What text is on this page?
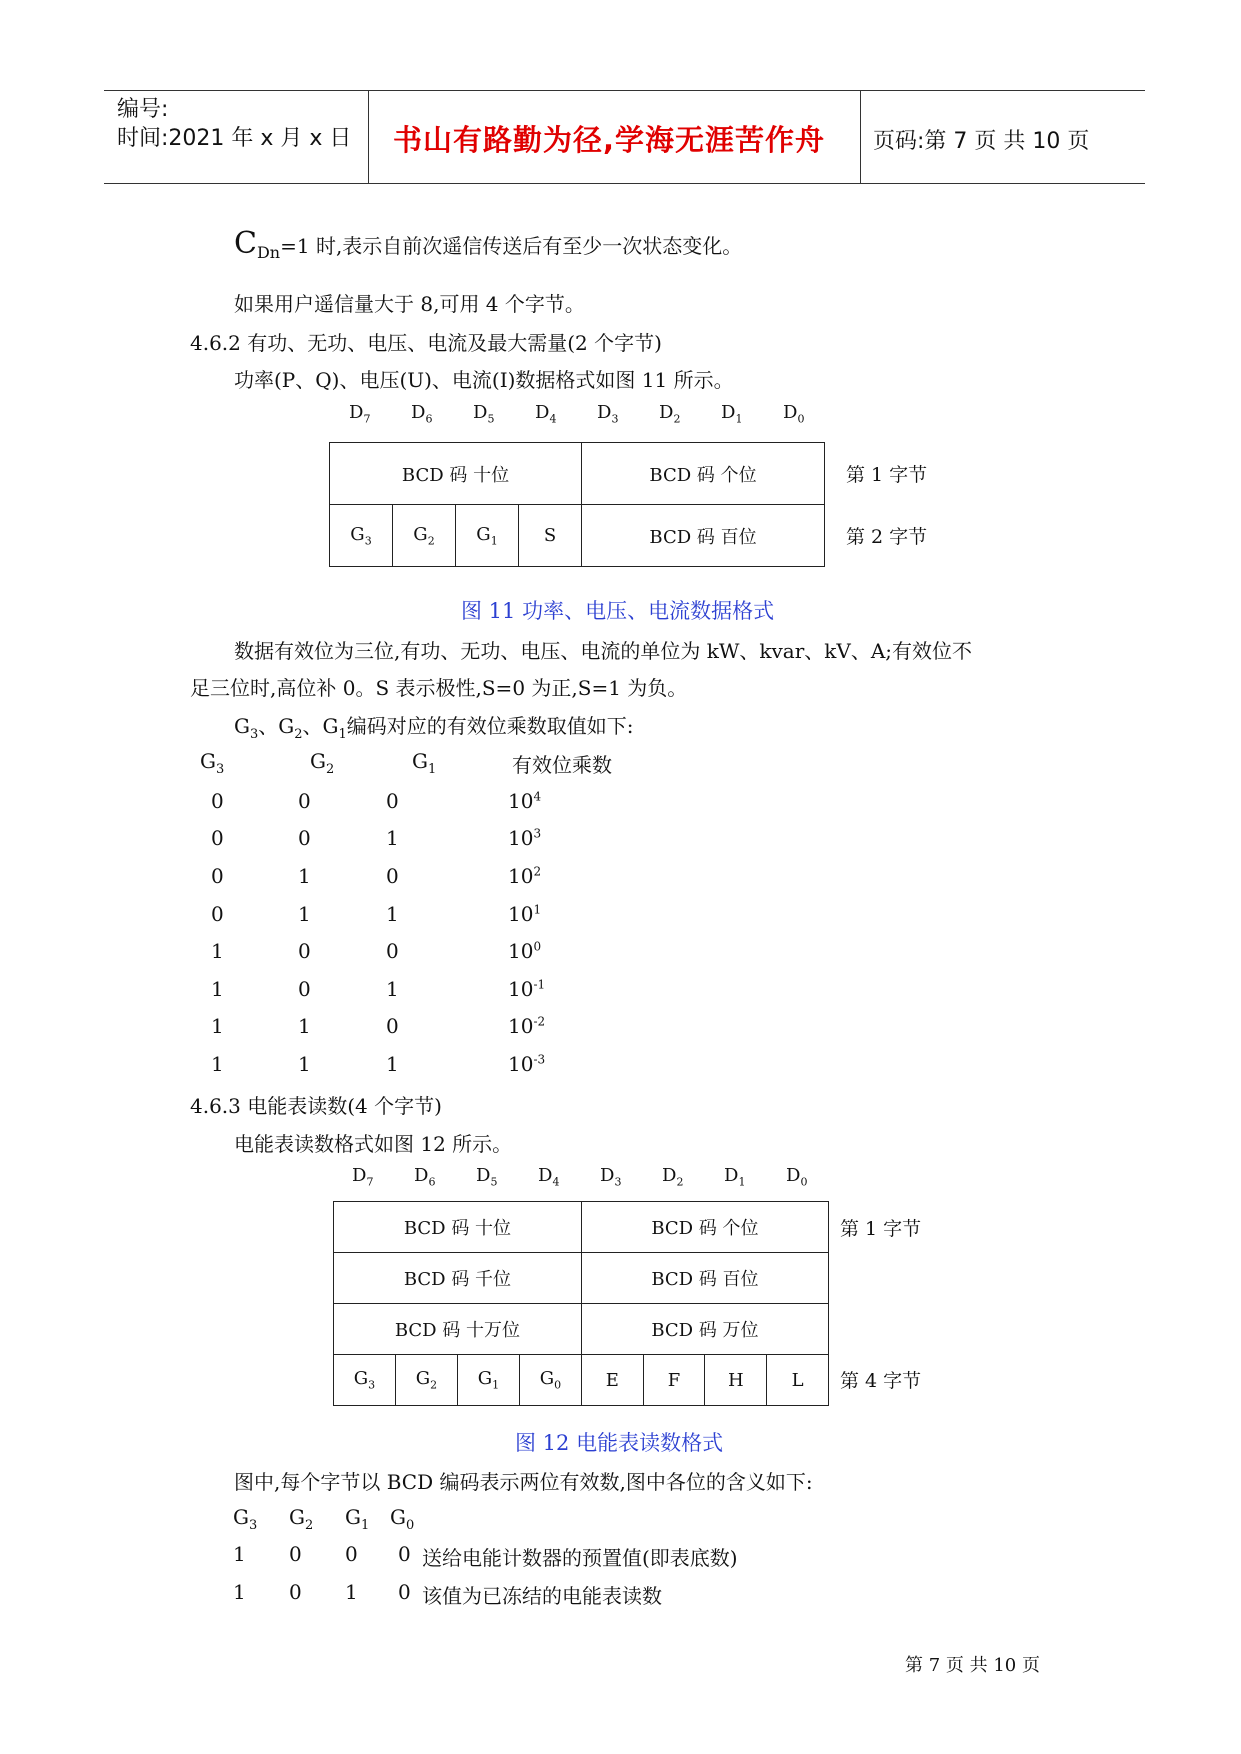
编号:
时间:2021 年 x 月 x 日 书山有路勤为径,学海无涯苦作舟 页码:第 7 页 共 10 页
$C_{Dn}=1$ 时,表示自前次遥信传送后有至少一次状态变化。
如果用户遥信量大于 8,可用 4 个字节。
4.6.2 有功、无功、电压、电流及最大需量(2 个字节)
功率(P、Q)、电压(U)、电流(I)数据格式如图 11 所示。
$D_7$ $D_6$ $D_5$ $D_4$ $D_3$ $D_2$ $D_1$ $D_0$
BCD 码 十位				BCD 码 个位
$G_3$	$G_2$	$G_1$	S	BCD 码 百位
第 1 字节
第 2 字节
图 11 功率、电压、电流数据格式
数据有效位为三位,有功、无功、电压、电流的单位为 kW、kvar、kV、A;有效位不
足三位时,高位补 0。S 表示极性,S=0 为正,S=1 为负。
$G_3$、$G_2$、$G_1$编码对应的有效位乘数取值如下:
$G_3$	$G_2$	$G_1$	有效位乘数
0	0	0	$10^4$
0	0	1	$10^3$
0	1	0	$10^2$
0	1	1	$10^1$
1	0	0	$10^0$
1	0	1	$10^{-1}$
1	1	0	$10^{-2}$
1	1	1	$10^{-3}$
4.6.3 电能表读数(4 个字节)
电能表读数格式如图 12 所示。
$D_7$ $D_6$ $D_5$ $D_4$ $D_3$ $D_2$ $D_1$ $D_0$
BCD 码 十位				BCD 码 个位			
BCD 码 千位				BCD 码 百位			
BCD 码 十万位				BCD 码 万位			
$G_3$	$G_2$	$G_1$	$G_0$	E	F	H	L
第 1 字节
第 4 字节
图 12 电能表读数格式
图中,每个字节以 BCD 编码表示两位有效数,图中各位的含义如下:
$G_3$ $G_2$ $G_1$ $G_0$
1 0 0 0 送给电能计数器的预置值(即表底数)
1 0 1 0 该值为已冻结的电能表读数
第 7 页 共 10 页
